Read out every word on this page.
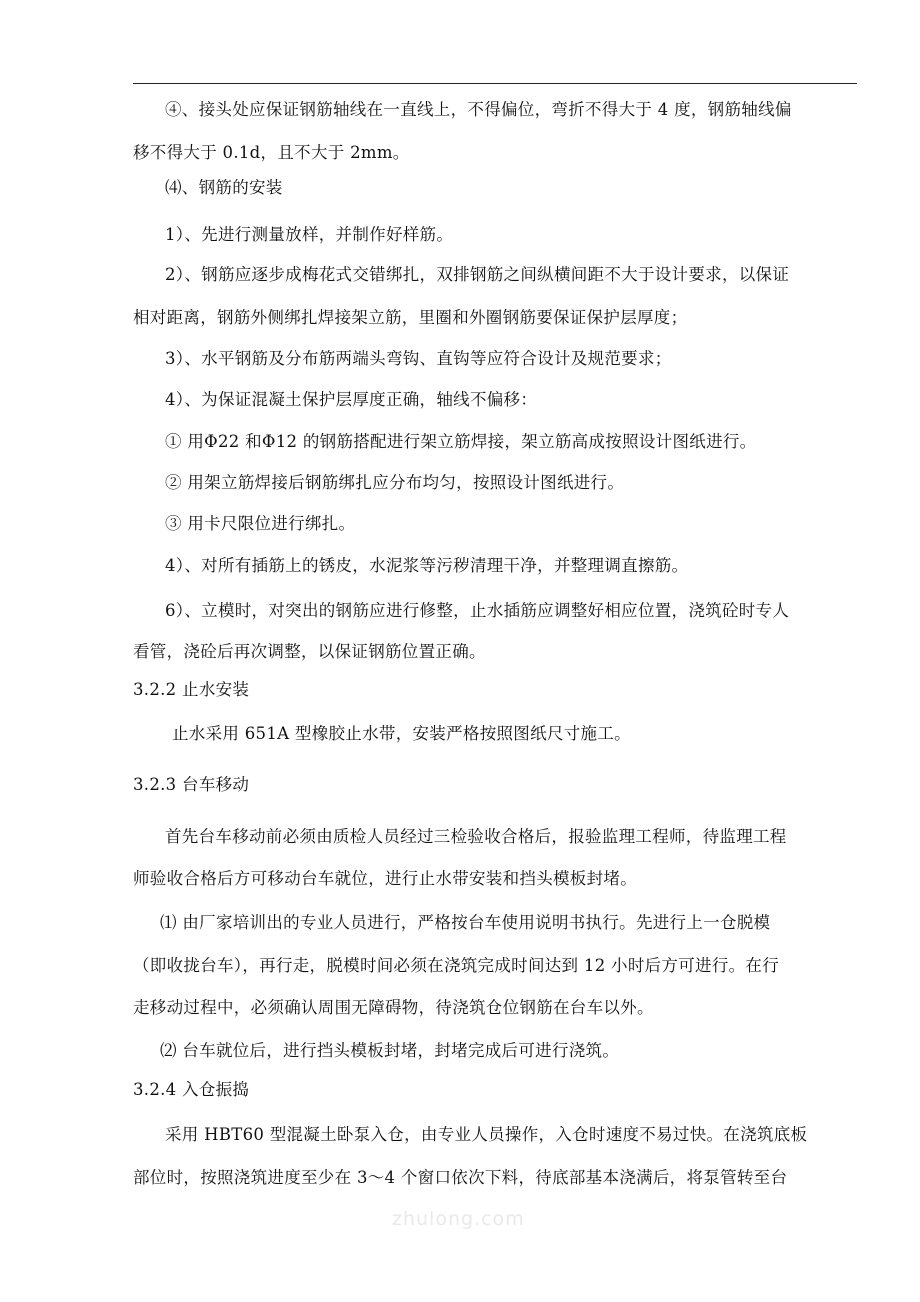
④、接头处应保证钢筋轴线在一直线上，不得偏位，弯折不得大于 4 度，钢筋轴线偏

移不得大于 0.1d，且不大于 2mm。

⑷、钢筋的安装

1）、先进行测量放样，并制作好样筋。

2）、钢筋应逐步成梅花式交错绑扎，双排钢筋之间纵横间距不大于设计要求，以保证

相对距离，钢筋外侧绑扎焊接架立筋，里圈和外圈钢筋要保证保护层厚度；

3）、水平钢筋及分布筋两端头弯钩、直钩等应符合设计及规范要求；

4）、为保证混凝土保护层厚度正确，轴线不偏移：

① 用Φ22 和Φ12 的钢筋搭配进行架立筋焊接，架立筋高成按照设计图纸进行。

② 用架立筋焊接后钢筋绑扎应分布均匀，按照设计图纸进行。

③ 用卡尺限位进行绑扎。

4）、对所有插筋上的锈皮，水泥浆等污秽清理干净，并整理调直擦筋。

6）、立模时，对突出的钢筋应进行修整，止水插筋应调整好相应位置，浇筑砼时专人

看管，浇砼后再次调整，以保证钢筋位置正确。

3.2.2 止水安装

止水采用 651A 型橡胶止水带，安装严格按照图纸尺寸施工。

3.2.3 台车移动

首先台车移动前必须由质检人员经过三检验收合格后，报验监理工程师，待监理工程

师验收合格后方可移动台车就位，进行止水带安装和挡头模板封堵。

⑴ 由厂家培训出的专业人员进行，严格按台车使用说明书执行。先进行上一仓脱模

（即收拢台车），再行走，脱模时间必须在浇筑完成时间达到 12 小时后方可进行。在行

走移动过程中，必须确认周围无障碍物，待浇筑仓位钢筋在台车以外。

⑵ 台车就位后，进行挡头模板封堵，封堵完成后可进行浇筑。

3.2.4 入仓振捣

采用 HBT60 型混凝土卧泵入仓，由专业人员操作，入仓时速度不易过快。在浇筑底板

部位时，按照浇筑进度至少在 3～4 个窗口依次下料，待底部基本浇满后，将泵管转至台

zhulong.com
